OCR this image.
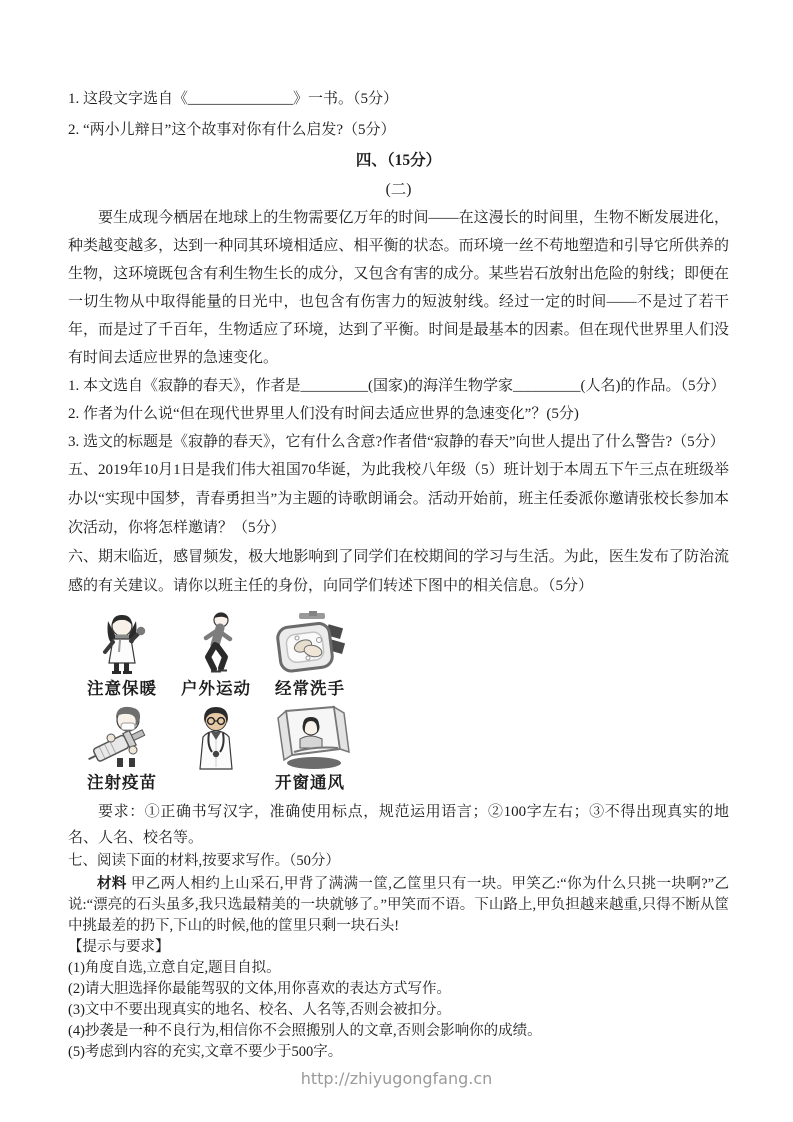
1. 这段文字选自《______________》一书。（5分）
2. “两小儿辩日”这个故事对你有什么启发?（5分）
四、（15分）
(二)

要生成现今栖居在地球上的生物需要亿万年的时间——在这漫长的时间里，生物不断发展进化，种类越变越多，达到一种同其环境相适应、相平衡的状态。而环境一丝不苟地塑造和引导它所供养的生物，这环境既包含有利生物生长的成分，又包含有害的成分。某些岩石放射出危险的射线；即便在一切生物从中取得能量的日光中，也包含有伤害力的短波射线。经过一定的时间——不是过了若干年，而是过了千百年，生物适应了环境，达到了平衡。时间是最基本的因素。但在现代世界里人们没有时间去适应世界的急速变化。

1. 本文选自《寂静的春天》，作者是_________(国家)的海洋生物学家_________(人名)的作品。（5分）
2. 作者为什么说“但在现代世界里人们没有时间去适应世界的急速变化”？(5分)
3. 选文的标题是《寂静的春天》，它有什么含意?作者借“寂静的春天”向世人提出了什么警告?（5分）

五、2019年10月1日是我们伟大祖国70华诞，为此我校八年级（5）班计划于本周五下午三点在班级举办以“实现中国梦，青春勇担当”为主题的诗歌朗诵会。活动开始前，班主任委派你邀请张校长参加本次活动，你将怎样邀请？（5分）

六、期末临近，感冒频发，极大地影响到了同学们在校期间的学习与生活。为此，医生发布了防治流感的有关建议。请你以班主任的身份，向同学们转述下图中的相关信息。（5分）

注意保暖	户外运动	经常洗手
注射疫苗	开窗通风

要求：①正确书写汉字，准确使用标点，规范运用语言；②100字左右；③不得出现真实的地名、人名、校名等。

七、阅读下面的材料,按要求写作。（50分）

材料 甲乙两人相约上山采石,甲背了满满一筐,乙筐里只有一块。甲笑乙:“你为什么只挑一块啊?”乙说:“漂亮的石头虽多,我只选最精美的一块就够了。”甲笑而不语。下山路上,甲负担越来越重,只得不断从筐中挑最差的扔下,下山的时候,他的筐里只剩一块石头!

【提示与要求】
(1)角度自选,立意自定,题目自拟。
(2)请大胆选择你最能驾驭的文体,用你喜欢的表达方式写作。
(3)文中不要出现真实的地名、校名、人名等,否则会被扣分。
(4)抄袭是一种不良行为,相信你不会照搬别人的文章,否则会影响你的成绩。
(5)考虑到内容的充实,文章不要少于500字。
http://zhiyugongfang.cn
